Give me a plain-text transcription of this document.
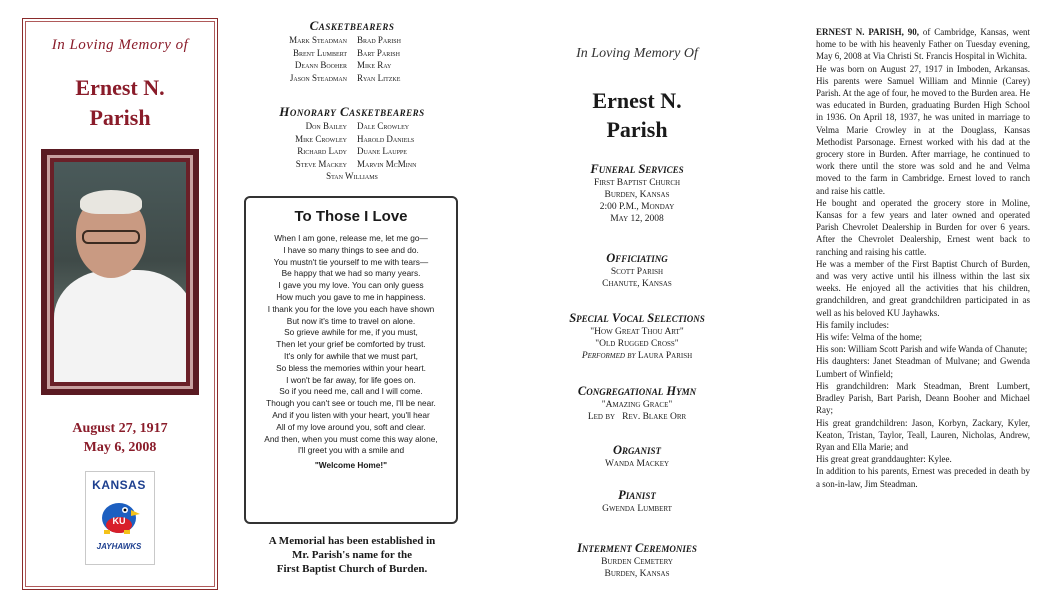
In Loving Memory of
Ernest N.
Parish
August 27, 1917
May 6, 2008
KANSAS
KU
JAYHAWKS
Casketbearers
Mark Steadman	Brad Parish
Brent Lumbert	Bart Parish
Deann Booher	Mike Ray
Jason Steadman	Ryan Litzke
Honorary Casketbearers
Don Bailey	Dale Crowley
Mike Crowley	Harold Daniels
Richard Lady	Duane Lauppe
Steve Mackey	Marvin McMinn
Stan Williams
To Those I Love
When I am gone, release me, let me go—
I have so many things to see and do.
You mustn't tie yourself to me with tears—
Be happy that we had so many years.
I gave you my love. You can only guess
How much you gave to me in happiness.
I thank you for the love you each have shown
But now it's time to travel on alone.
So grieve awhile for me, if you must,
Then let your grief be comforted by trust.
It's only for awhile that we must part,
So bless the memories within your heart.
I won't be far away, for life goes on.
So if you need me, call and I will come.
Though you can't see or touch me, I'll be near.
And if you listen with your heart, you'll hear
All of my love around you, soft and clear.
And then, when you must come this way alone,
I'll greet you with a smile and
"Welcome Home!"
A Memorial has been established in
Mr. Parish's name for the
First Baptist Church of Burden.
In Loving Memory Of
Ernest N.
Parish
Funeral Services
First Baptist Church
Burden, Kansas
2:00 P.M., Monday
May 12, 2008
Officiating
Scott Parish
Chanute, Kansas
Special Vocal Selections
"How Great Thou Art"
"Old Rugged Cross"
Performed by Laura Parish
Congregational Hymn
"Amazing Grace"
Led by Rev. Blake Orr
Organist
Wanda Mackey
Pianist
Gwenda Lumbert
Interment Ceremonies
Burden Cemetery
Burden, Kansas

ERNEST N. PARISH, 90, of Cambridge, Kansas, went home to be with his heavenly Father on Tuesday evening, May 6, 2008 at Via Christi St. Francis Hospital in Wichita.

He was born on August 27, 1917 in Imboden, Arkansas. His parents were Samuel William and Minnie (Carey) Parish. At the age of four, he moved to the Burden area. He was educated in Burden, graduating Burden High School in 1936. On April 18, 1937, he was united in marriage to Velma Marie Crowley in at the Douglass, Kansas Methodist Parsonage. Ernest worked with his dad at the grocery store in Burden. After marriage, he continued to work there until the store was sold and he and Velma moved to the farm in Cambridge. Ernest loved to ranch and raise his cattle.

He bought and operated the grocery store in Moline, Kansas for a few years and later owned and operated Parish Chevrolet Dealership in Burden for over 6 years. After the Chevrolet Dealership, Ernest went back to ranching and raising his cattle.

He was a member of the First Baptist Church of Burden, and was very active until his illness within the last six weeks. He enjoyed all the activities that his children, grandchildren, and great grandchildren participated in as well as his beloved KU Jayhawks.

His family includes:

His wife: Velma of the home;

His son: William Scott Parish and wife Wanda of Chanute;

His daughters: Janet Steadman of Mulvane; and Gwenda Lumbert of Winfield;

His grandchildren: Mark Steadman, Brent Lumbert, Bradley Parish, Bart Parish, Deann Booher and Michael Ray;

His great grandchildren: Jason, Korbyn, Zackary, Kyler, Keaton, Tristan, Taylor, Teall, Lauren, Nicholas, Andrew, Ryan and Ella Marie; and

His great great granddaughter: Kylee.

In addition to his parents, Ernest was preceded in death by a son-in-law, Jim Steadman.
